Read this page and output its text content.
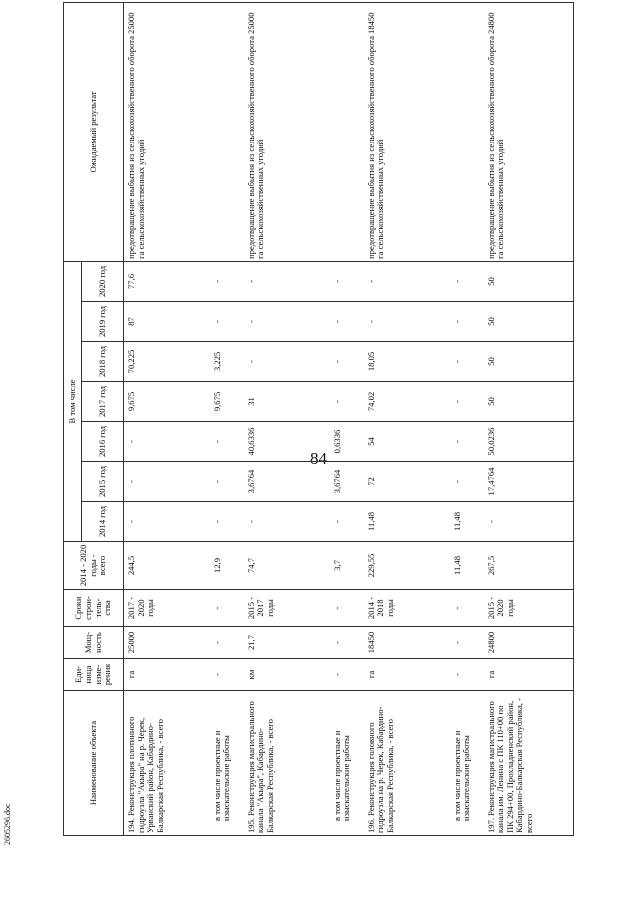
84
Наименование объекта	Еди-ница изме-рения	Мощ-ность	Сроки строи-тель-ства	2014 - 2020 годы - всего	В том числе							Ожидаемый результат
					2014 год	2015 год	2016 год	2017 год	2018 год	2019 год	2020 год	
194. Реконструкция плотинного гидроузла "Акыра" на р. Черек, Урванский район, Кабардино-Балкарская Республика, - всего	га	25000	2017 - 2020 годы	244,5	-	-	-	9,675	70,225	87	77,6	предотвращение выбытия из сельскохозяйственного оборота 25000 га сельскохозяйственных угодий
в том числе проектные и изыскательские работы	-	-	-	12,9	-	-	-	9,675	3,225	-	-	
195. Реконструкция магистрального канала "Акыра", Кабардино-Балкарская Республика, - всего	км	21,7	2015 - 2017 годы	74,7	-	3,6764	40,6336	31	-	-	-	предотвращение выбытия из сельскохозяйственного оборота 25000 га сельскохозяйственных угодий
в том числе проектные и изыскательские работы	-	-	-	3,7	-	3,6764	0,6336	-	-	-	-	
196. Реконструкция головного гидроузла на р. Черек, Кабардино-Балкарская Республика, - всего	га	18450	2014 - 2018 годы	229,55	11,48	72	54	74,02	18,05	-	-	предотвращение выбытия из сельскохозяйственного оборота 18450 га сельскохозяйственных угодий
в том числе проектные и изыскательские работы	-	-	-	11,48	11,48	-	-	-	-	-	-	
197. Реконструкция магистрального канала им. Ленина с ПК 110+00 по ПК 294+00, Прохладненский район, Кабардино-Балкарская Республика, - всего	га	24800	2015 - 2020 годы	267,5	-	17,4764	50,0236	50	50	50	50	предотвращение выбытия из сельскохозяйственного оборота 24800 га сельскохозяйственных угодий
2605296.doc
